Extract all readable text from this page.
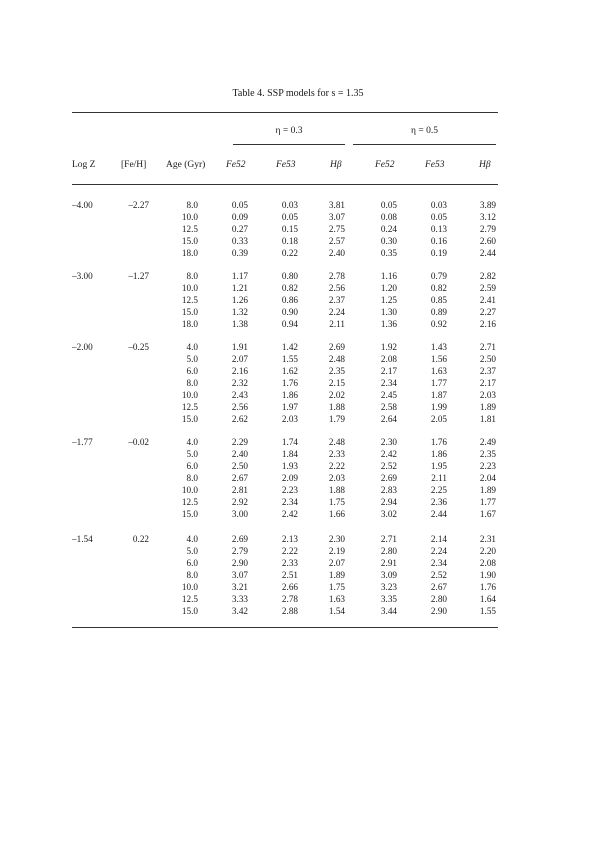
Table 4. SSP models for s = 1.35
η = 0.3	η = 0.5
Log Z	[Fe/H] Age (Gyr) Fe52	Fe53	Hβ	Fe52	Fe53	Hβ
–4.00	–2.27	8.0	0.05	0.03	3.81	0.05	0.03	3.89
10.0	0.09	0.05	3.07	0.08	0.05	3.12
12.5	0.27	0.15	2.75	0.24	0.13	2.79
15.0	0.33	0.18	2.57	0.30	0.16	2.60
18.0	0.39	0.22	2.40	0.35	0.19	2.44
–3.00	–1.27	8.0	1.17	0.80	2.78	1.16	0.79	2.82
10.0	1.21	0.82	2.56	1.20	0.82	2.59
12.5	1.26	0.86	2.37	1.25	0.85	2.41
15.0	1.32	0.90	2.24	1.30	0.89	2.27
18.0	1.38	0.94	2.11	1.36	0.92	2.16
–2.00	–0.25	4.0	1.91	1.42	2.69	1.92	1.43	2.71
5.0	2.07	1.55	2.48	2.08	1.56	2.50
6.0	2.16	1.62	2.35	2.17	1.63	2.37
8.0	2.32	1.76	2.15	2.34	1.77	2.17
10.0	2.43	1.86	2.02	2.45	1.87	2.03
12.5	2.56	1.97	1.88	2.58	1.99	1.89
15.0	2.62	2.03	1.79	2.64	2.05	1.81
–1.77	–0.02	4.0	2.29	1.74	2.48	2.30	1.76	2.49
5.0	2.40	1.84	2.33	2.42	1.86	2.35
6.0	2.50	1.93	2.22	2.52	1.95	2.23
8.0	2.67	2.09	2.03	2.69	2.11	2.04
10.0	2.81	2.23	1.88	2.83	2.25	1.89
12.5	2.92	2.34	1.75	2.94	2.36	1.77
15.0	3.00	2.42	1.66	3.02	2.44	1.67
–1.54	0.22	4.0	2.69	2.13	2.30	2.71	2.14	2.31
5.0	2.79	2.22	2.19	2.80	2.24	2.20
6.0	2.90	2.33	2.07	2.91	2.34	2.08
8.0	3.07	2.51	1.89	3.09	2.52	1.90
10.0	3.21	2.66	1.75	3.23	2.67	1.76
12.5	3.33	2.78	1.63	3.35	2.80	1.64
15.0	3.42	2.88	1.54	3.44	2.90	1.55
